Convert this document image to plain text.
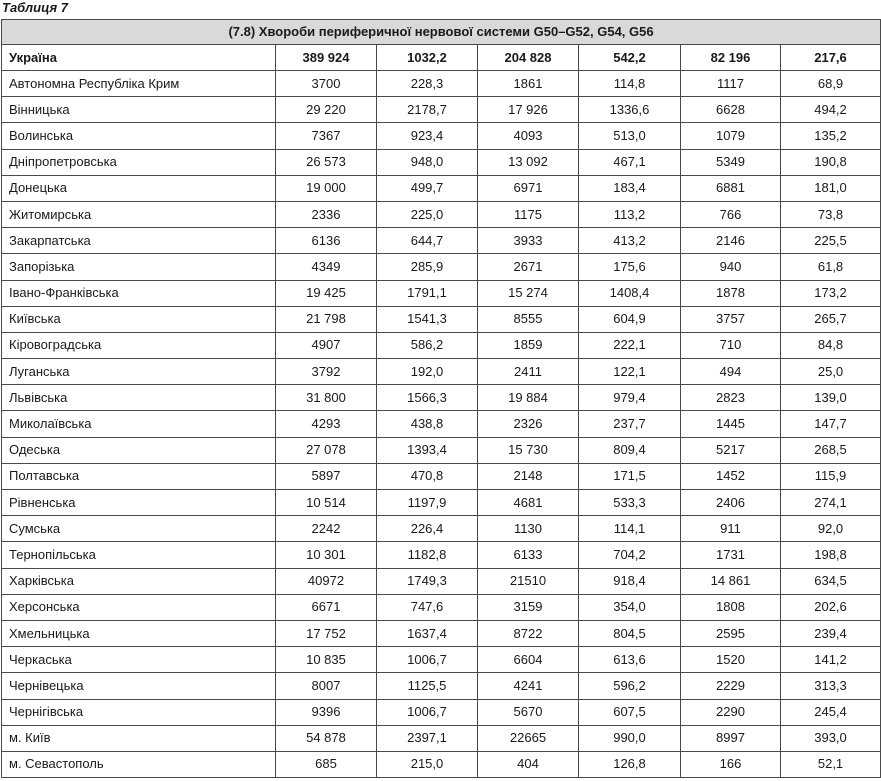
Таблиця 7
(7.8) Хвороби периферичної нервової системи G50–G52, G54, G56						
Україна	389 924	1032,2	204 828	542,2	82 196	217,6
Автономна Республіка Крим	3700	228,3	1861	114,8	1117	68,9
Вінницька	29 220	2178,7	17 926	1336,6	6628	494,2
Волинська	7367	923,4	4093	513,0	1079	135,2
Дніпропетровська	26 573	948,0	13 092	467,1	5349	190,8
Донецька	19 000	499,7	6971	183,4	6881	181,0
Житомирська	2336	225,0	1175	113,2	766	73,8
Закарпатська	6136	644,7	3933	413,2	2146	225,5
Запорізька	4349	285,9	2671	175,6	940	61,8
Івано-Франківська	19 425	1791,1	15 274	1408,4	1878	173,2
Київська	21 798	1541,3	8555	604,9	3757	265,7
Кіровоградська	4907	586,2	1859	222,1	710	84,8
Луганська	3792	192,0	2411	122,1	494	25,0
Львівська	31 800	1566,3	19 884	979,4	2823	139,0
Миколаївська	4293	438,8	2326	237,7	1445	147,7
Одеська	27 078	1393,4	15 730	809,4	5217	268,5
Полтавська	5897	470,8	2148	171,5	1452	115,9
Рівненська	10 514	1197,9	4681	533,3	2406	274,1
Сумська	2242	226,4	1130	114,1	911	92,0
Тернопільська	10 301	1182,8	6133	704,2	1731	198,8
Харківська	40972	1749,3	21510	918,4	14 861	634,5
Херсонська	6671	747,6	3159	354,0	1808	202,6
Хмельницька	17 752	1637,4	8722	804,5	2595	239,4
Черкаська	10 835	1006,7	6604	613,6	1520	141,2
Чернівецька	8007	1125,5	4241	596,2	2229	313,3
Чернігівська	9396	1006,7	5670	607,5	2290	245,4
м. Київ	54 878	2397,1	22665	990,0	8997	393,0
м. Севастополь	685	215,0	404	126,8	166	52,1
